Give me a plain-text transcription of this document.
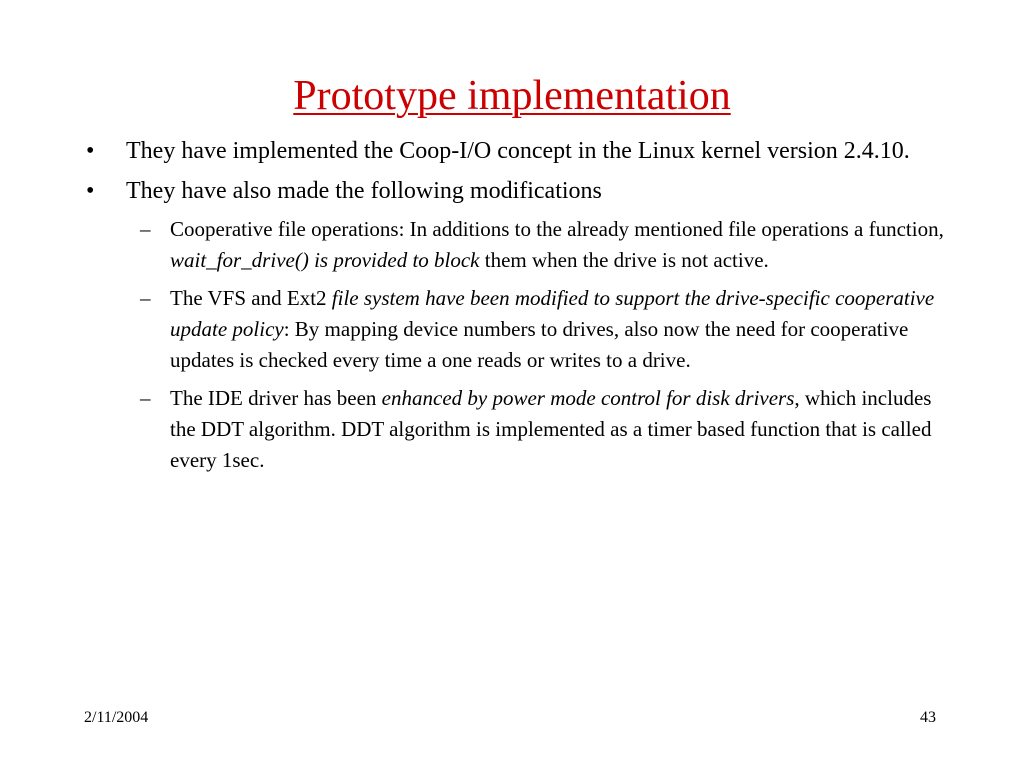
Prototype implementation
• They have implemented the Coop-I/O concept in the Linux kernel version 2.4.10.
• They have also made the following modifications
– Cooperative file operations: In additions to the already mentioned file operations a function, wait_for_drive() is provided to block them when the drive is not active.
– The VFS and Ext2 file system have been modified to support the drive-specific cooperative update policy: By mapping device numbers to drives, also now the need for cooperative updates is checked every time a one reads or writes to a drive.
– The IDE driver has been enhanced by power mode control for disk drivers, which includes the DDT algorithm. DDT algorithm is implemented as a timer based function that is called every 1sec.
2/11/2004	43
